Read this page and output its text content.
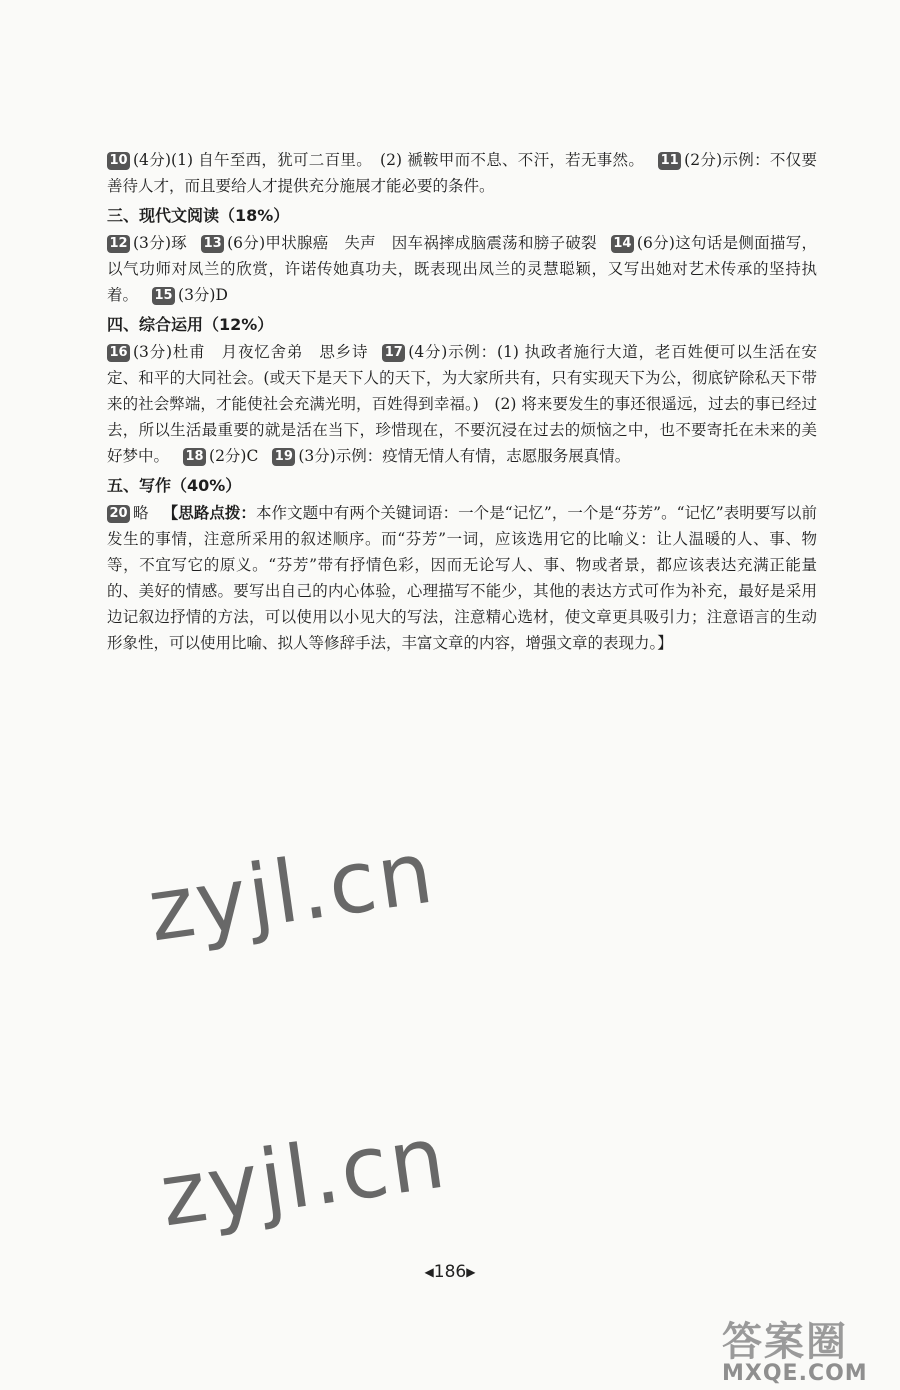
10 (4分)(1) 自午至西，犹可二百里。　(2) 褫鞍甲而不息、不汗，若无事然。 11 (2分)示例：不仅要善待人才，而且要给人才提供充分施展才能必要的条件。
三、现代文阅读（18%）
12 (3分)琢 13 (6分)甲状腺癌　失声　因车祸摔成脑震荡和膀子破裂 14 (6分)这句话是侧面描写，以气功师对凤兰的欣赏，许诺传她真功夫，既表现出凤兰的灵慧聪颖，又写出她对艺术传承的坚持执着。 15 (3分)D
四、综合运用（12%）
16 (3分)杜甫　月夜忆舍弟　思乡诗 17 (4分)示例：(1) 执政者施行大道，老百姓便可以生活在安定、和平的大同社会。(或天下是天下人的天下，为大家所共有，只有实现天下为公，彻底铲除私天下带来的社会弊端，才能使社会充满光明，百姓得到幸福。)　(2) 将来要发生的事还很遥远，过去的事已经过去，所以生活最重要的就是活在当下，珍惜现在，不要沉浸在过去的烦恼之中，也不要寄托在未来的美好梦中。 18 (2分)C 19 (3分)示例：疫情无情人有情，志愿服务展真情。
五、写作（40%）
20 略 【思路点拨：本作文题中有两个关键词语：一个是“记忆”，一个是“芬芳”。“记忆”表明要写以前发生的事情，注意所采用的叙述顺序。而“芬芳”一词，应该选用它的比喻义：让人温暖的人、事、物等，不宜写它的原义。“芬芳”带有抒情色彩，因而无论写人、事、物或者景，都应该表达充满正能量的、美好的情感。要写出自己的内心体验，心理描写不能少，其他的表达方式可作为补充，最好是采用边记叙边抒情的方法，可以使用以小见大的写法，注意精心选材，使文章更具吸引力；注意语言的生动形象性，可以使用比喻、拟人等修辞手法，丰富文章的内容，增强文章的表现力。】
zyjl.cn
zyjl.cn
◀186▶
答案圈
MXQE.COM
